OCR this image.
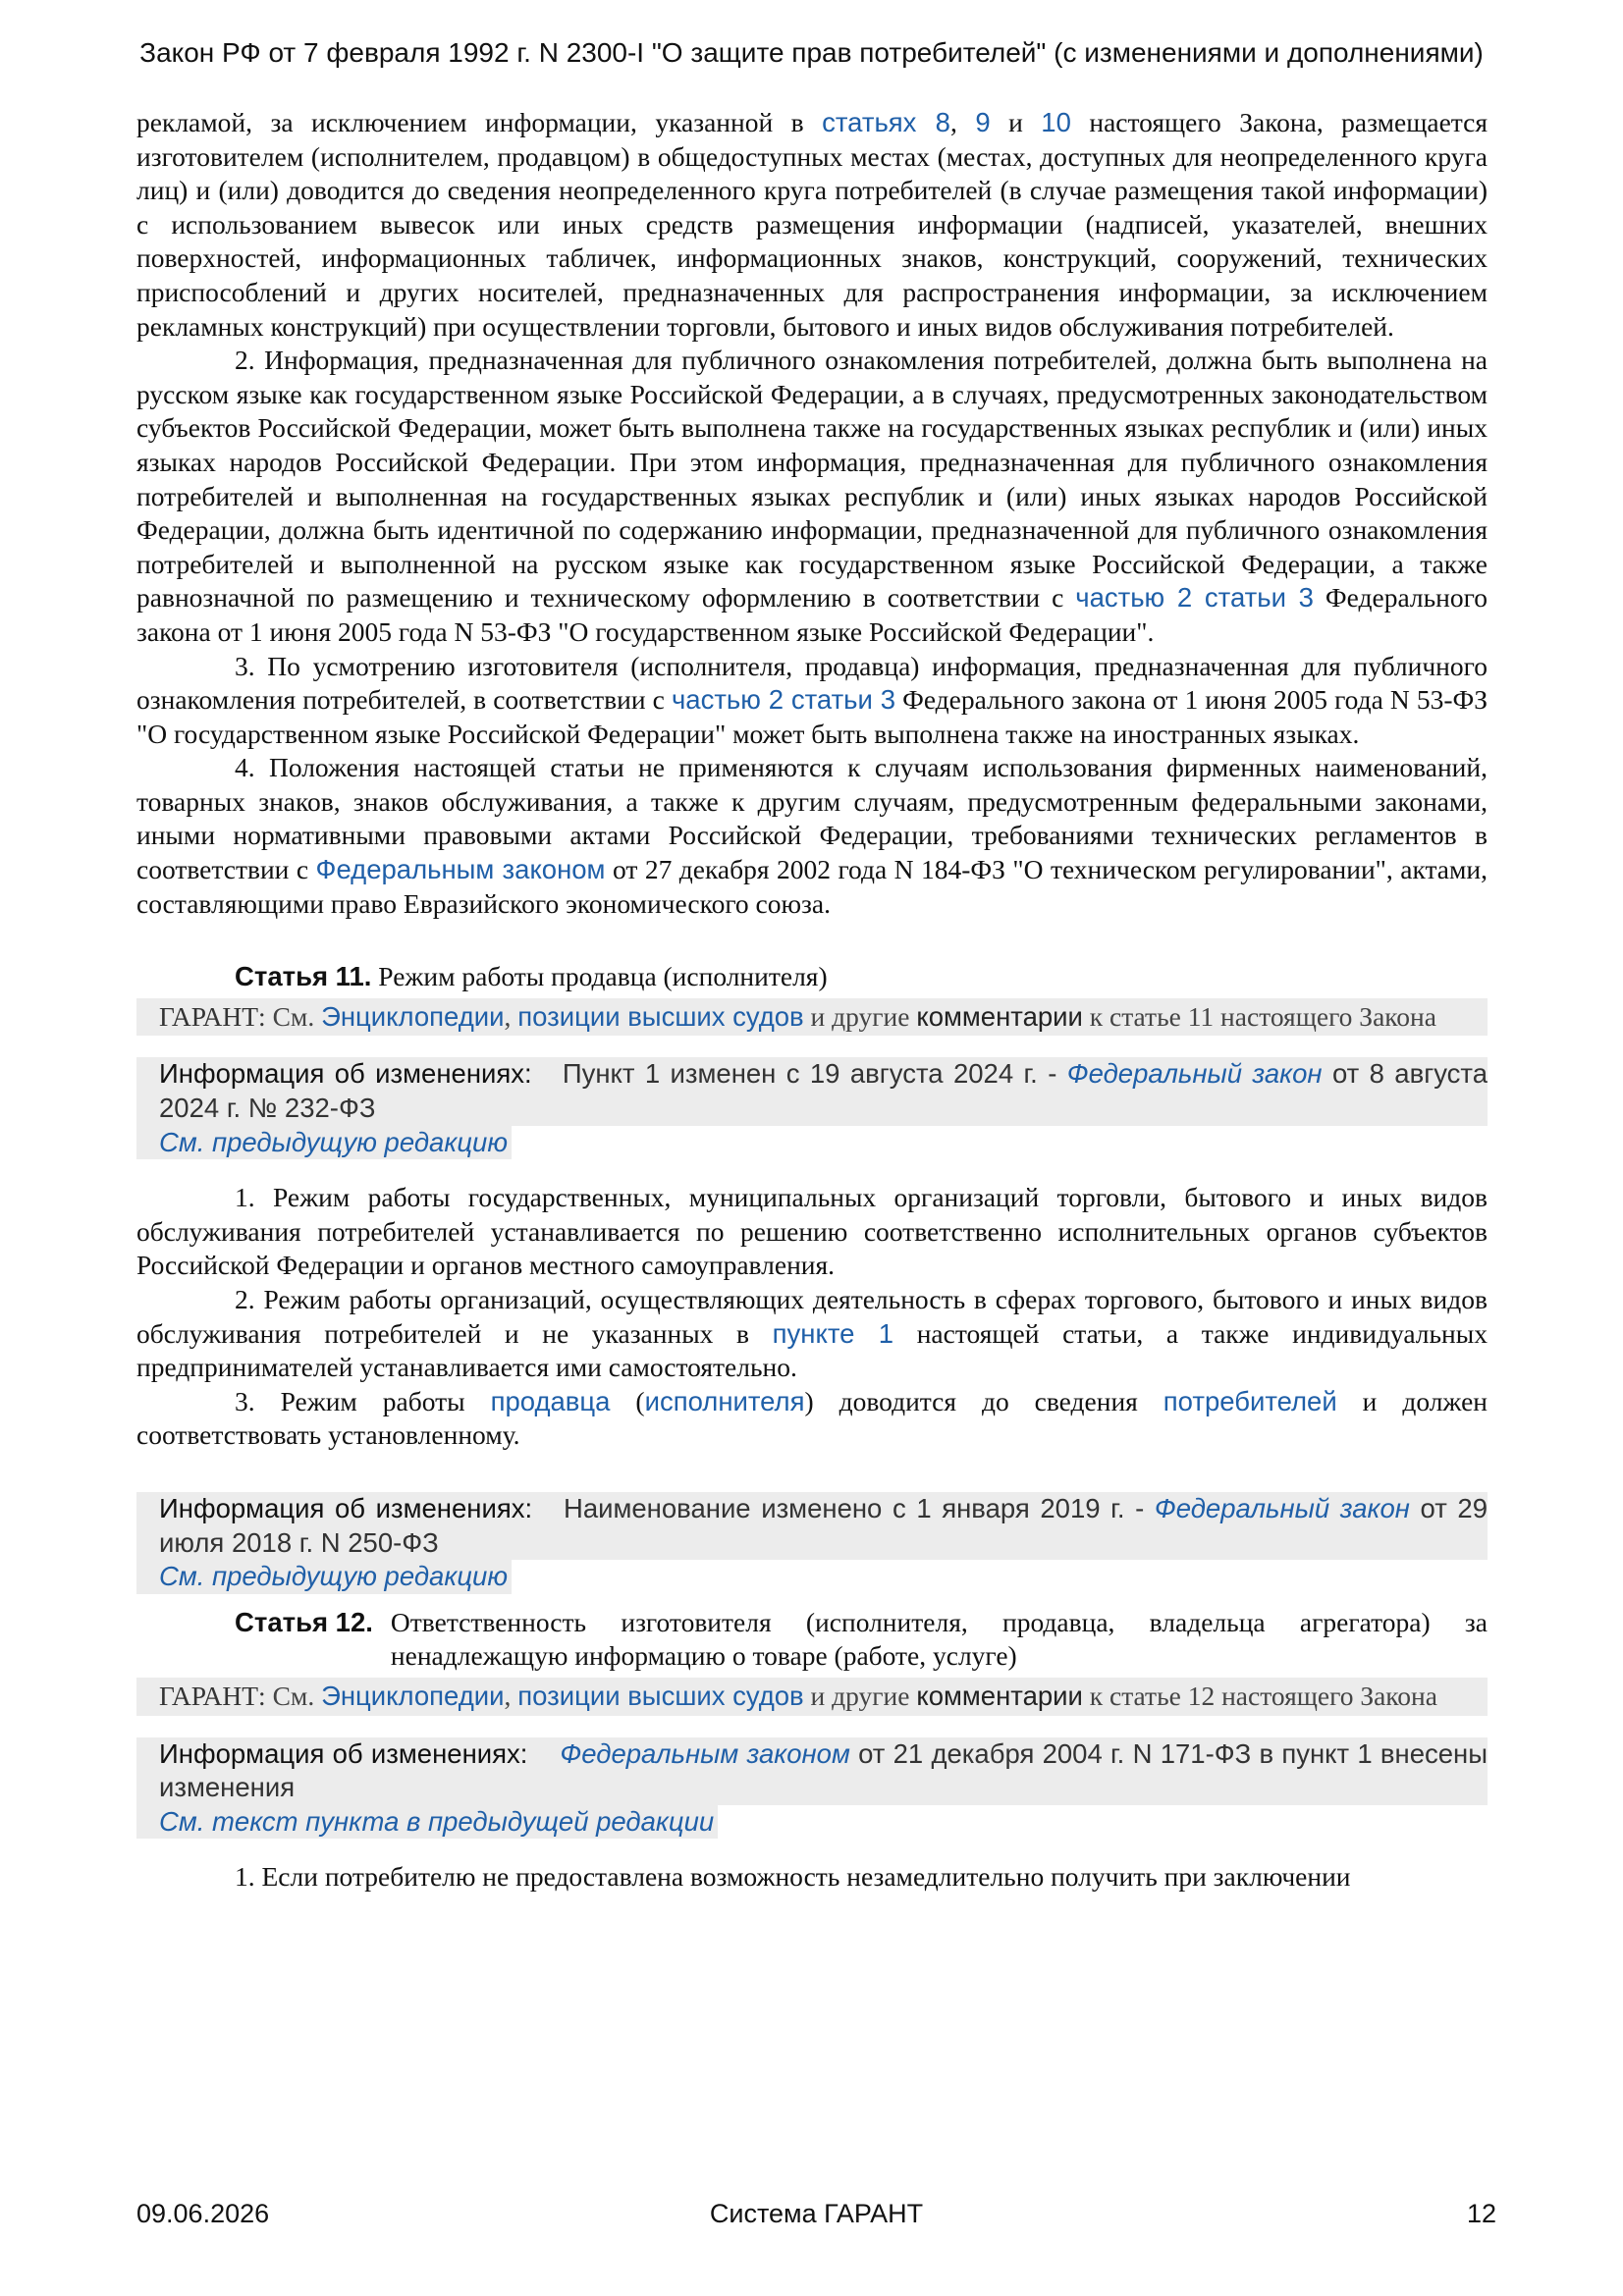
Закон РФ от 7 февраля 1992 г. N 2300-I "О защите прав потребителей" (с изменениями и дополнениями)

рекламой, за исключением информации, указанной в статьях 8, 9 и 10 настоящего Закона, размещается изготовителем (исполнителем, продавцом) в общедоступных местах (местах, доступных для неопределенного круга лиц) и (или) доводится до сведения неопределенного круга потребителей (в случае размещения такой информации) с использованием вывесок или иных средств размещения информации (надписей, указателей, внешних поверхностей, информационных табличек, информационных знаков, конструкций, сооружений, технических приспособлений и других носителей, предназначенных для распространения информации, за исключением рекламных конструкций) при осуществлении торговли, бытового и иных видов обслуживания потребителей.

2. Информация, предназначенная для публичного ознакомления потребителей, должна быть выполнена на русском языке как государственном языке Российской Федерации, а в случаях, предусмотренных законодательством субъектов Российской Федерации, может быть выполнена также на государственных языках республик и (или) иных языках народов Российской Федерации. При этом информация, предназначенная для публичного ознакомления потребителей и выполненная на государственных языках республик и (или) иных языках народов Российской Федерации, должна быть идентичной по содержанию информации, предназначенной для публичного ознакомления потребителей и выполненной на русском языке как государственном языке Российской Федерации, а также равнозначной по размещению и техническому оформлению в соответствии с частью 2 статьи 3 Федерального закона от 1 июня 2005 года N 53-ФЗ "О государственном языке Российской Федерации".

3. По усмотрению изготовителя (исполнителя, продавца) информация, предназначенная для публичного ознакомления потребителей, в соответствии с частью 2 статьи 3 Федерального закона от 1 июня 2005 года N 53-ФЗ "О государственном языке Российской Федерации" может быть выполнена также на иностранных языках.

4. Положения настоящей статьи не применяются к случаям использования фирменных наименований, товарных знаков, знаков обслуживания, а также к другим случаям, предусмотренным федеральными законами, иными нормативными правовыми актами Российской Федерации, требованиями технических регламентов в соответствии с Федеральным законом от 27 декабря 2002 года N 184-ФЗ "О техническом регулировании", актами, составляющими право Евразийского экономического союза.

Статья 11. Режим работы продавца (исполнителя)
ГАРАНТ: См. Энциклопедии, позиции высших судов и другие комментарии к статье 11 настоящего Закона
Информация об изменениях: Пункт 1 изменен с 19 августа 2024 г. - Федеральный закон от 8 августа 2024 г. № 232-ФЗ
См. предыдущую редакцию

1. Режим работы государственных, муниципальных организаций торговли, бытового и иных видов обслуживания потребителей устанавливается по решению соответственно исполнительных органов субъектов Российской Федерации и органов местного самоуправления.

2. Режим работы организаций, осуществляющих деятельность в сферах торгового, бытового и иных видов обслуживания потребителей и не указанных в пункте 1 настоящей статьи, а также индивидуальных предпринимателей устанавливается ими самостоятельно.

3. Режим работы продавца (исполнителя) доводится до сведения потребителей и должен соответствовать установленному.

Информация об изменениях: Наименование изменено с 1 января 2019 г. - Федеральный закон от 29 июля 2018 г. N 250-ФЗ
См. предыдущую редакцию
Статья 12. Ответственность изготовителя (исполнителя, продавца, владельца агрегатора) за ненадлежащую информацию о товаре (работе, услуге)
ГАРАНТ: См. Энциклопедии, позиции высших судов и другие комментарии к статье 12 настоящего Закона
Информация об изменениях: Федеральным законом от 21 декабря 2004 г. N 171-ФЗ в пункт 1 внесены изменения
См. текст пункта в предыдущей редакции

1. Если потребителю не предоставлена возможность незамедлительно получить при заключении

09.06.2026	Система ГАРАНТ	12
